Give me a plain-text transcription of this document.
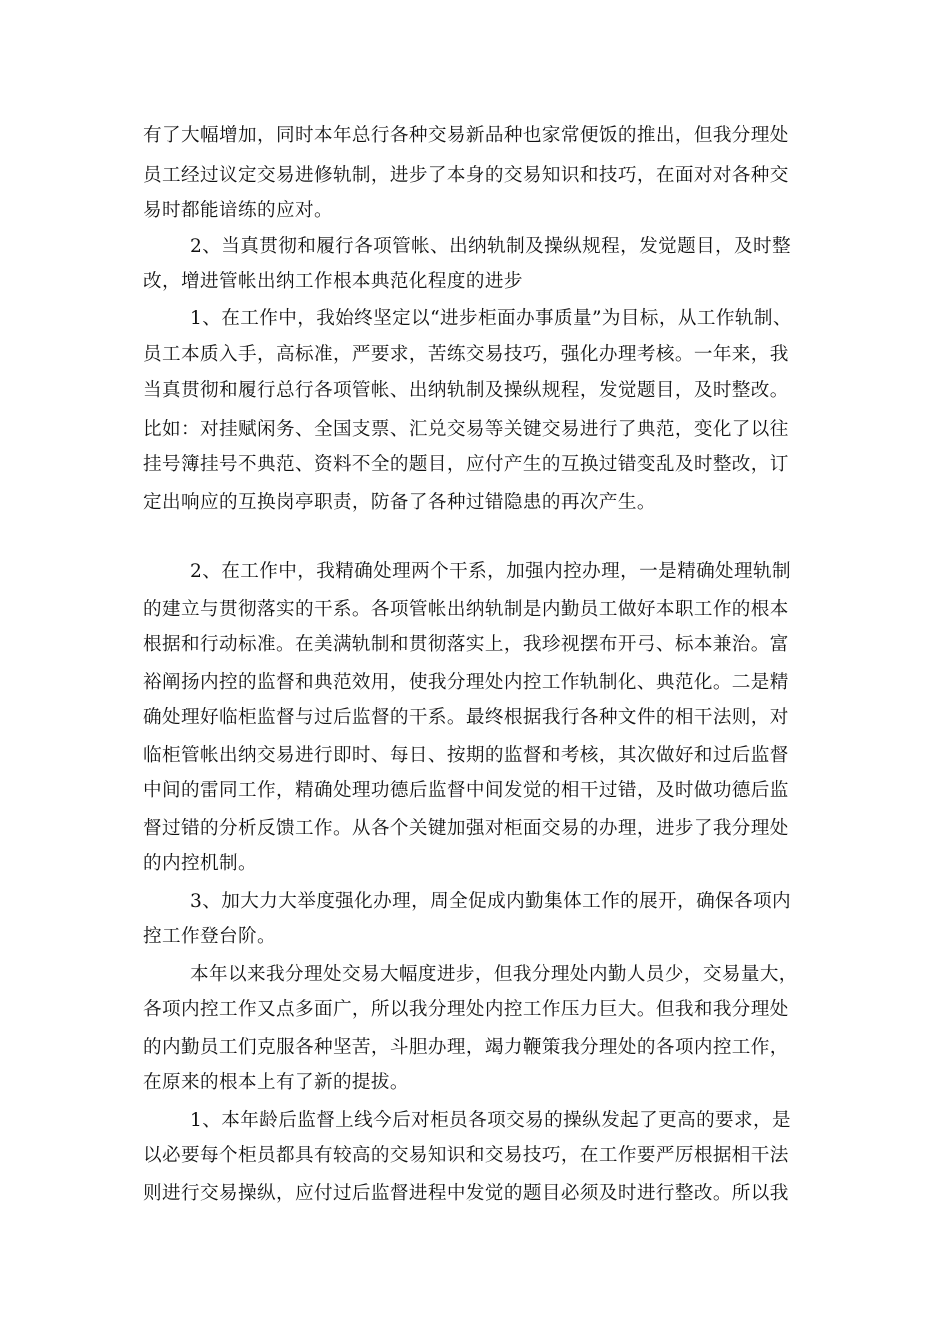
有了大幅增加，同时本年总行各种交易新品种也家常便饭的推出，但我分理处
员工经过议定交易进修轨制，进步了本身的交易知识和技巧，在面对对各种交
易时都能谙练的应对。
2、当真贯彻和履行各项管帐、出纳轨制及操纵规程，发觉题目，及时整
改，增进管帐出纳工作根本典范化程度的进步
1、在工作中，我始终坚定以“进步柜面办事质量”为目标，从工作轨制、
员工本质入手，高标准，严要求，苦练交易技巧，强化办理考核。一年来，我
当真贯彻和履行总行各项管帐、出纳轨制及操纵规程，发觉题目，及时整改。
比如：对挂赋闲务、全国支票、汇兑交易等关键交易进行了典范，变化了以往
挂号簿挂号不典范、资料不全的题目，应付产生的互换过错变乱及时整改，订
定出响应的互换岗亭职责，防备了各种过错隐患的再次产生。
2、在工作中，我精确处理两个干系，加强内控办理，一是精确处理轨制
的建立与贯彻落实的干系。各项管帐出纳轨制是内勤员工做好本职工作的根本
根据和行动标准。在美满轨制和贯彻落实上，我珍视摆布开弓、标本兼治。富
裕阐扬内控的监督和典范效用，使我分理处内控工作轨制化、典范化。二是精
确处理好临柜监督与过后监督的干系。最终根据我行各种文件的相干法则，对
临柜管帐出纳交易进行即时、每日、按期的监督和考核，其次做好和过后监督
中间的雷同工作，精确处理功德后监督中间发觉的相干过错，及时做功德后监
督过错的分析反馈工作。从各个关键加强对柜面交易的办理，进步了我分理处
的内控机制。
3、加大力大举度强化办理，周全促成内勤集体工作的展开，确保各项内
控工作登台阶。
本年以来我分理处交易大幅度进步，但我分理处内勤人员少，交易量大，
各项内控工作又点多面广，所以我分理处内控工作压力巨大。但我和我分理处
的内勤员工们克服各种坚苦，斗胆办理，竭力鞭策我分理处的各项内控工作，
在原来的根本上有了新的提拔。
1、本年龄后监督上线今后对柜员各项交易的操纵发起了更高的要求，是
以必要每个柜员都具有较高的交易知识和交易技巧，在工作要严厉根据相干法
则进行交易操纵，应付过后监督进程中发觉的题目必须及时进行整改。所以我
